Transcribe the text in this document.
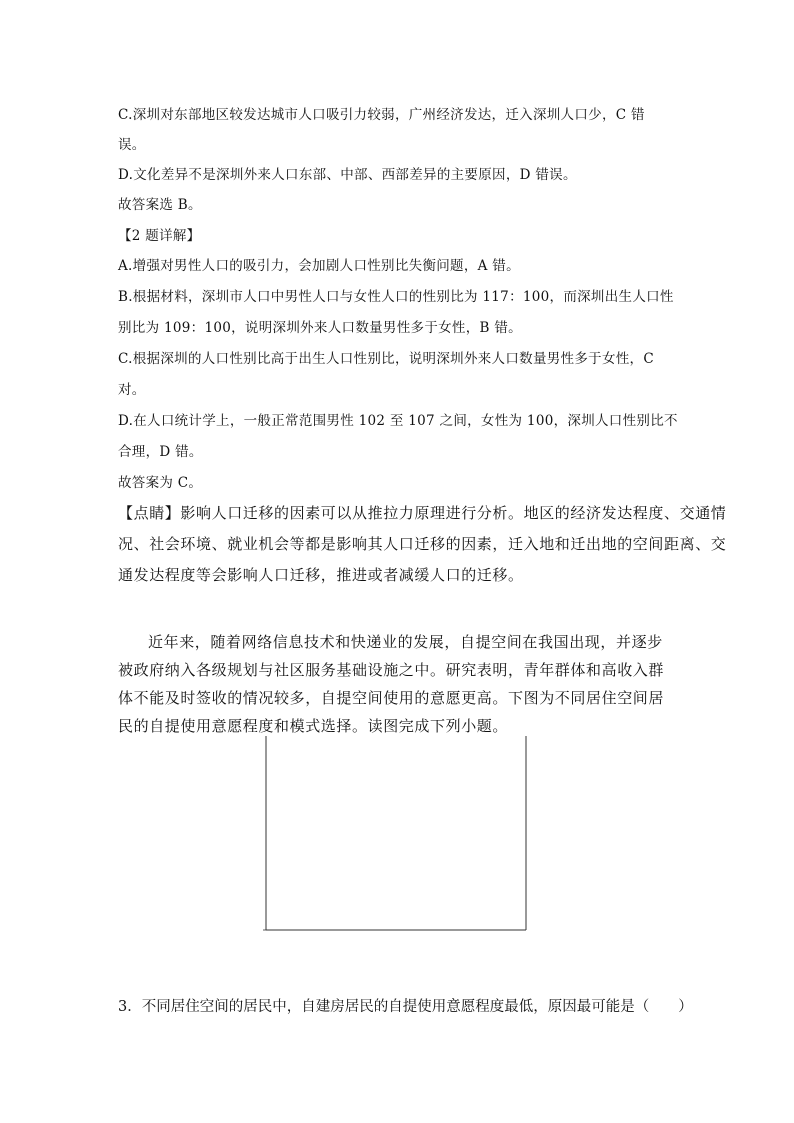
C.深圳对东部地区较发达城市人口吸引力较弱，广州经济发达，迁入深圳人口少，C 错
误。
D.文化差异不是深圳外来人口东部、中部、西部差异的主要原因，D 错误。
故答案选 B。
【2 题详解】
A.增强对男性人口的吸引力，会加剧人口性别比失衡问题，A 错。
B.根据材料，深圳市人口中男性人口与女性人口的性别比为 117：100，而深圳出生人口性
别比为 109：100，说明深圳外来人口数量男性多于女性，B 错。
C.根据深圳的人口性别比高于出生人口性别比，说明深圳外来人口数量男性多于女性，C
对。
D.在人口统计学上，一般正常范围男性 102 至 107 之间，女性为 100，深圳人口性别比不
合理，D 错。
故答案为 C。
【点睛】影响人口迁移的因素可以从推拉力原理进行分析。地区的经济发达程度、交通情
况、社会环境、就业机会等都是影响其人口迁移的因素，迁入地和迁出地的空间距离、交
通发达程度等会影响人口迁移，推进或者减缓人口的迁移。
近年来，随着网络信息技术和快递业的发展，自提空间在我国出现，并逐步被政府纳入各级规划与社区服务基础设施之中。研究表明，青年群体和高收入群体不能及时签收的情况较多，自提空间使用的意愿更高。下图为不同居住空间居民的自提使用意愿程度和模式选择。读图完成下列小题。
3．不同居住空间的居民中，自建房居民的自提使用意愿程度最低，原因最可能是（　　）
